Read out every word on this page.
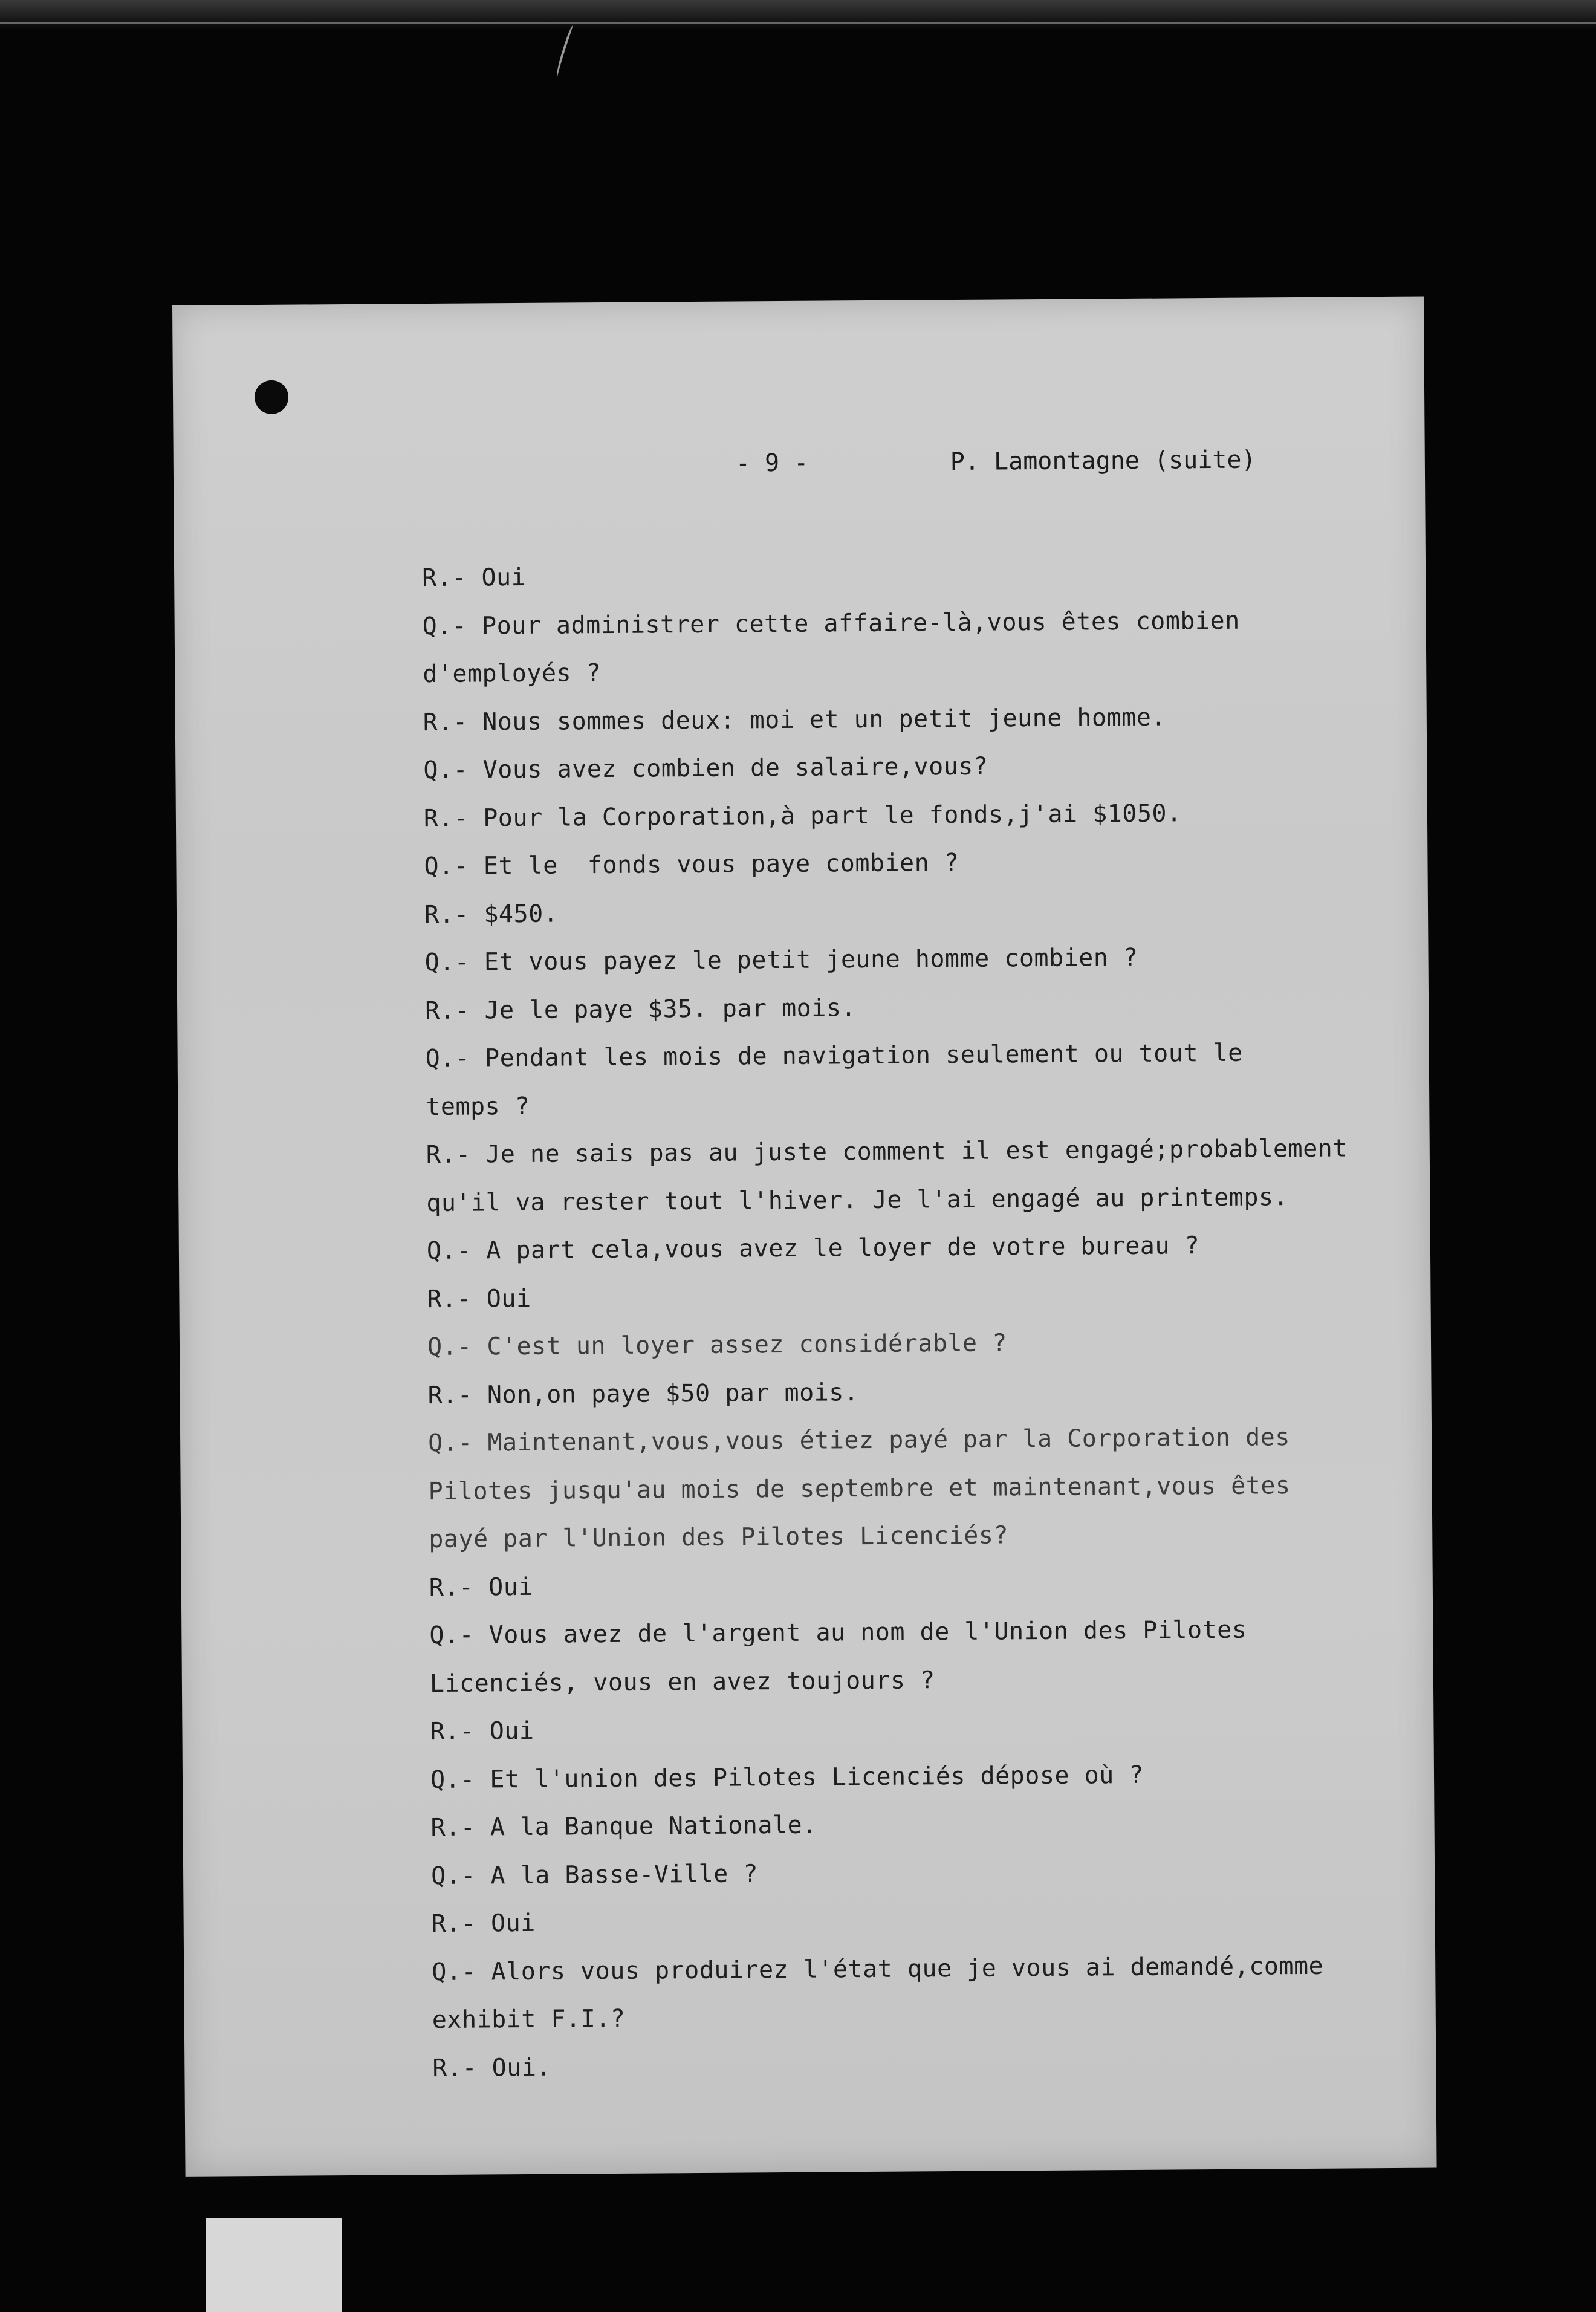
- 9 -	P. Lamontagne (suite)
R.- Oui
Q.- Pour administrer cette affaire-là,vous êtes combien
d'employés ?
R.- Nous sommes deux: moi et un petit jeune homme.
Q.- Vous avez combien de salaire,vous?
R.- Pour la Corporation,à part le fonds,j'ai $1050.
Q.- Et le  fonds vous paye combien ?
R.- $450.
Q.- Et vous payez le petit jeune homme combien ?
R.- Je le paye $35. par mois.
Q.- Pendant les mois de navigation seulement ou tout le
temps ?
R.- Je ne sais pas au juste comment il est engagé;probablement
qu'il va rester tout l'hiver. Je l'ai engagé au printemps.
Q.- A part cela,vous avez le loyer de votre bureau ?
R.- Oui
Q.- C'est un loyer assez considérable ?
R.- Non,on paye $50 par mois.
Q.- Maintenant,vous,vous étiez payé par la Corporation des
Pilotes jusqu'au mois de septembre et maintenant,vous êtes
payé par l'Union des Pilotes Licenciés?
R.- Oui
Q.- Vous avez de l'argent au nom de l'Union des Pilotes
Licenciés, vous en avez toujours ?
R.- Oui
Q.- Et l'union des Pilotes Licenciés dépose où ?
R.- A la Banque Nationale.
Q.- A la Basse-Ville ?
R.- Oui
Q.- Alors vous produirez l'état que je vous ai demandé,comme
exhibit F.I.?
R.- Oui.
